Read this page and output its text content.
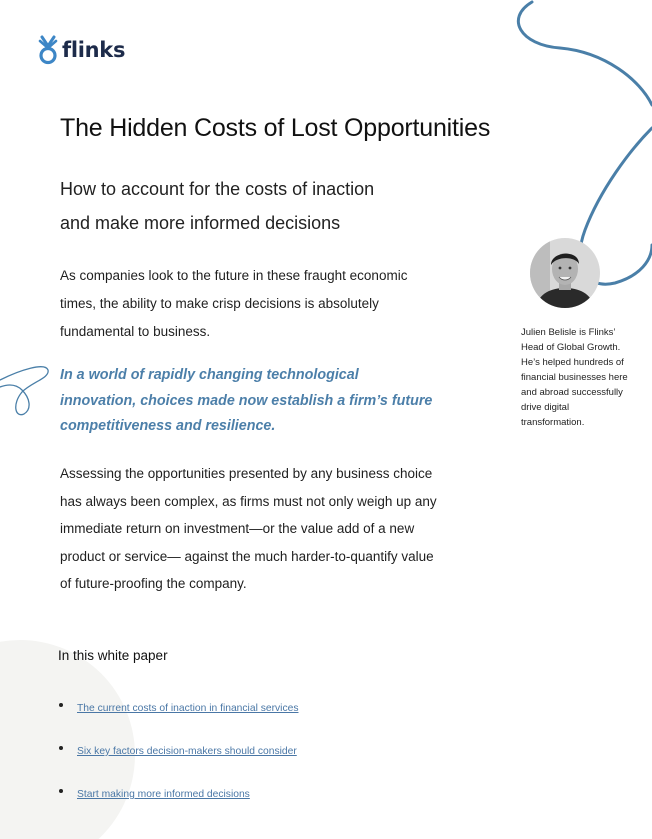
flinks
The Hidden Costs of Lost Opportunities
How to account for the costs of inaction
and make more informed decisions

As companies look to the future in these fraught economic
times, the ability to make crisp decisions is absolutely
fundamental to business.

In a world of rapidly changing technological
innovation, choices made now establish a firm’s future
competitiveness and resilience.

Assessing the opportunities presented by any business choice
has always been complex, as firms must not only weigh up any
immediate return on investment—or the value add of a new
product or service— against the much harder-to-quantify value
of future-proofing the company.

Julien Belisle is Flinks’
Head of Global Growth.
He’s helped hundreds of
financial businesses here
and abroad successfully
drive digital
transformation.

In this white paper
The current costs of inaction in financial services
Six key factors decision-makers should consider
Start making more informed decisions
